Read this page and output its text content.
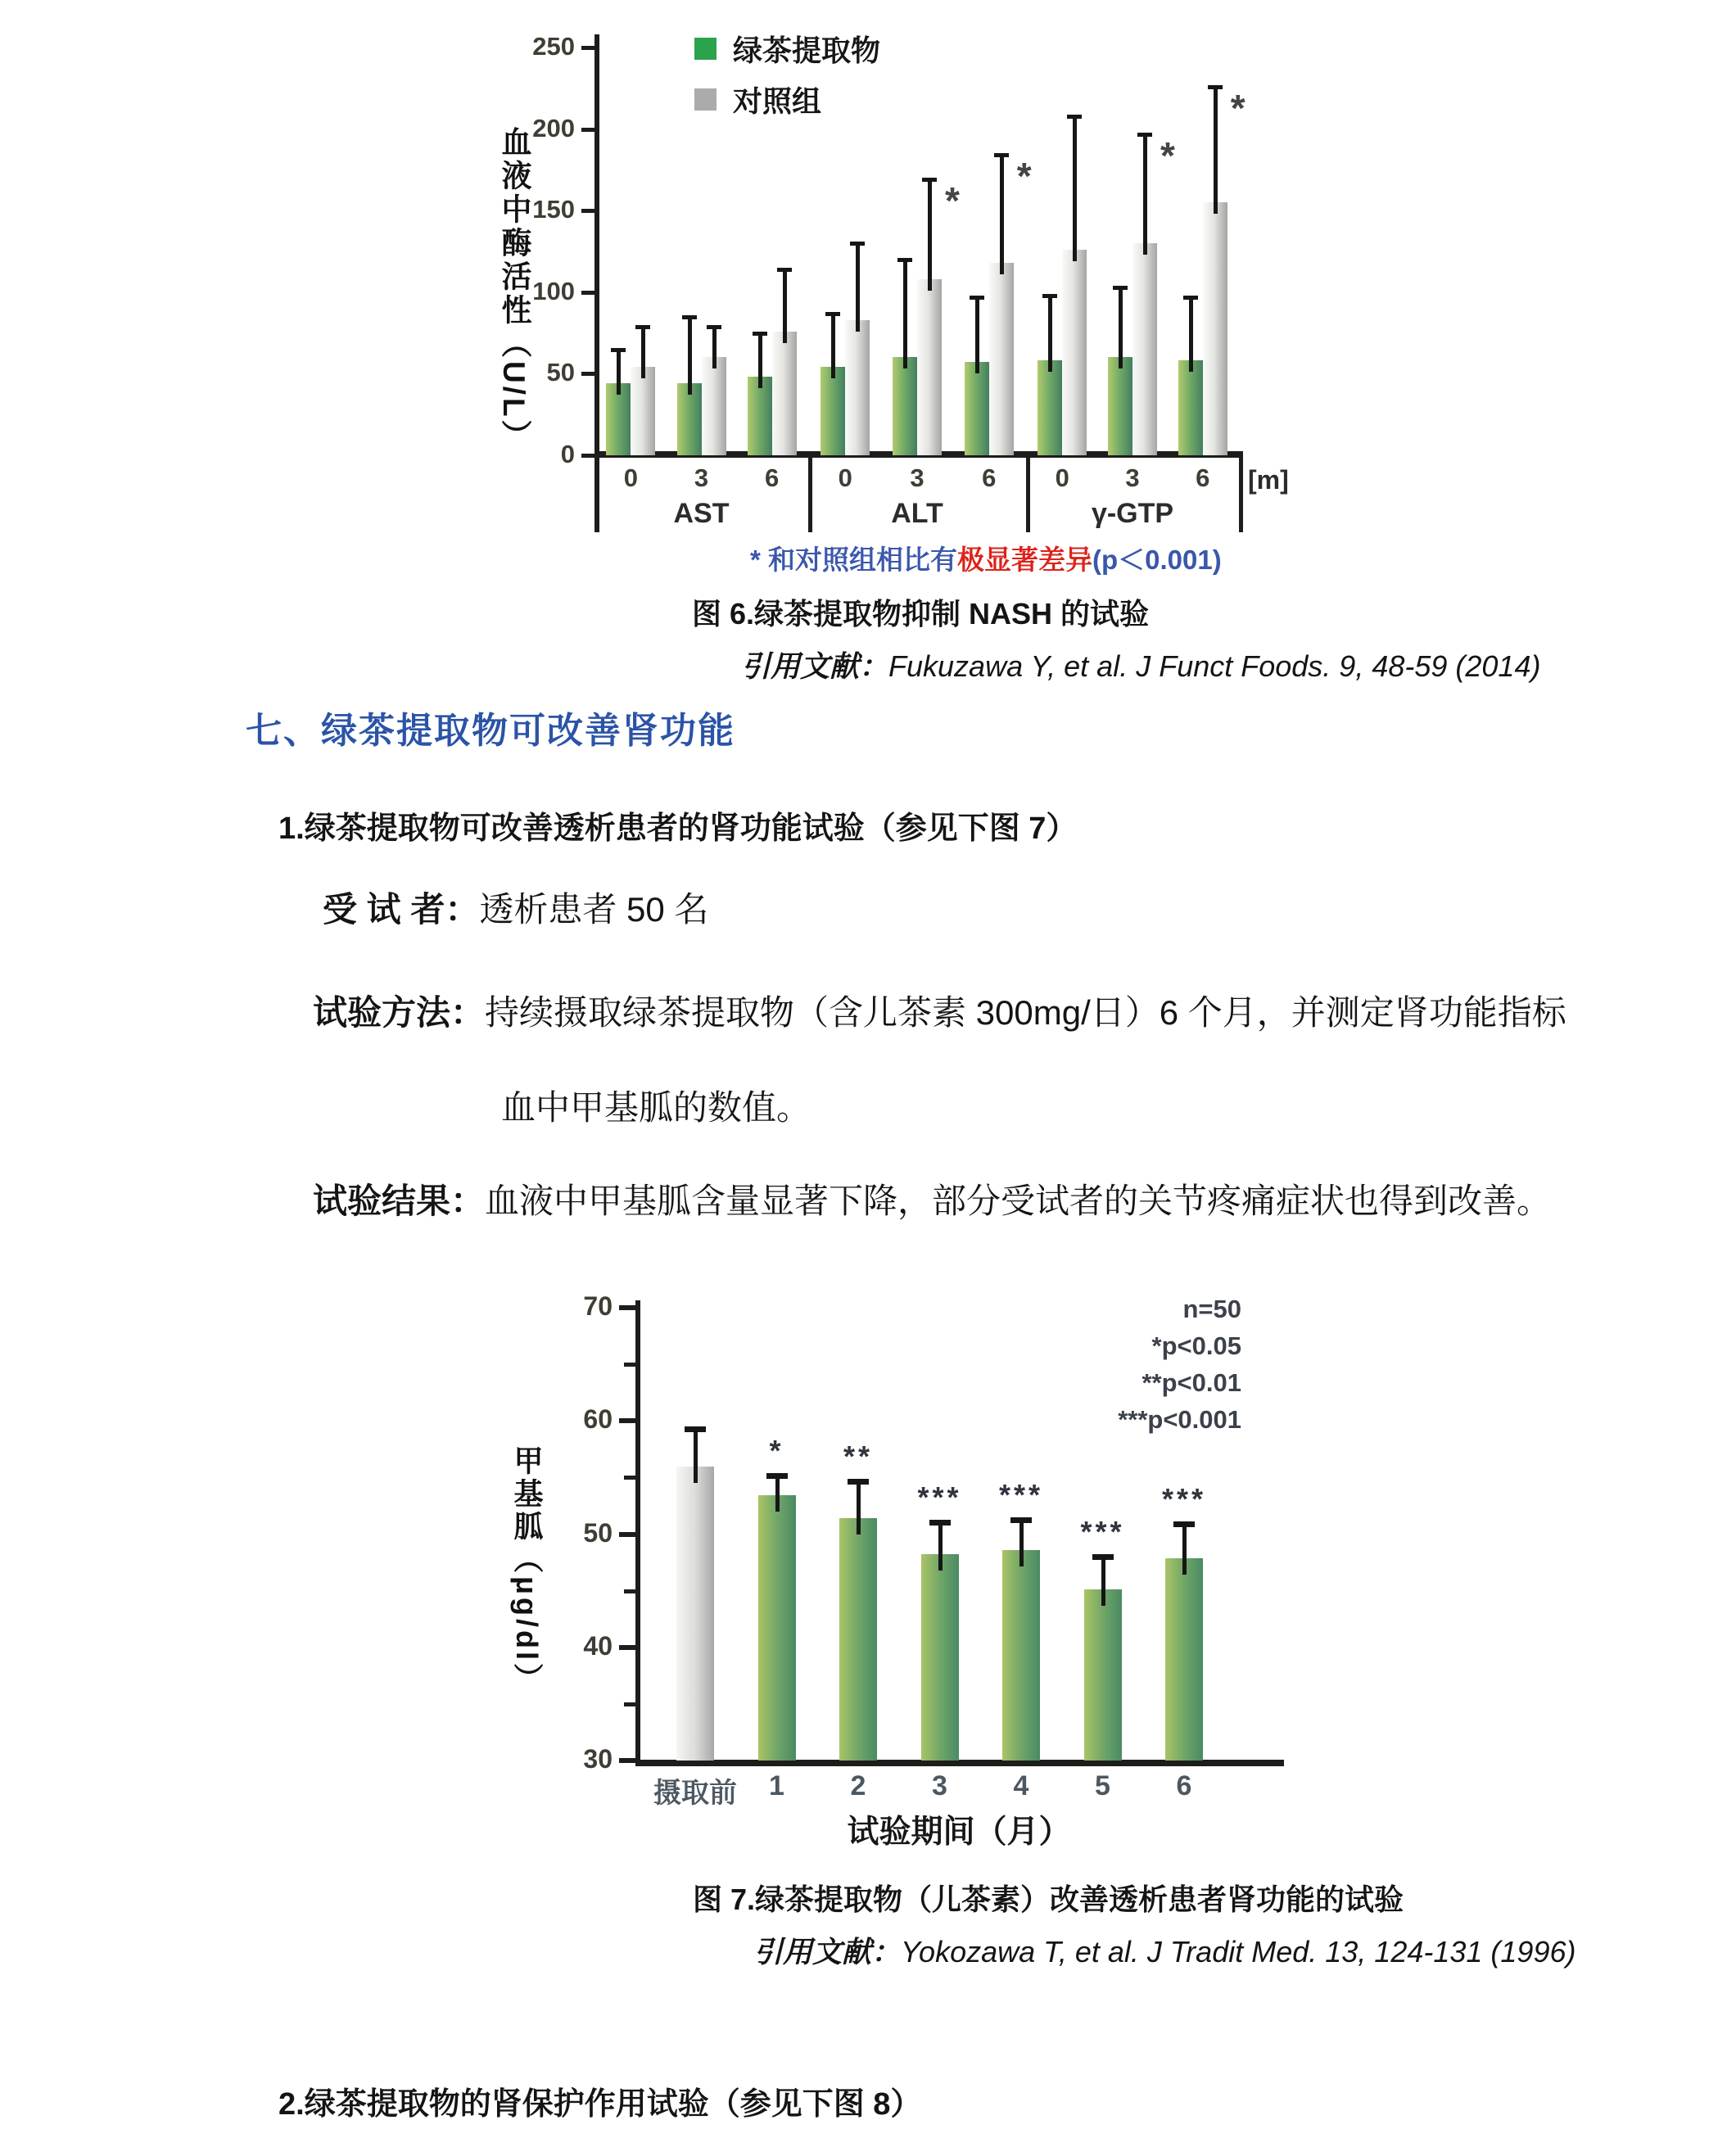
血液中酶活性（U/L）
绿茶提取物
对照组
[m]
0
50
100
150
200
250
0	3	6
AST
0
*
3
*
6
ALT
0
*
3
*
6
γ-GTP
* 和对照组相比有极显著差异(p＜0.001)
图 6.绿茶提取物抑制 NASH 的试验
引用文献：Fukuzawa Y, et al. J Funct Foods. 9, 48-59 (2014)
七、绿茶提取物可改善肾功能
1.绿茶提取物可改善透析患者的肾功能试验（参见下图 7）
受 试 者：透析患者 50 名
试验方法：持续摄取绿茶提取物（含儿茶素 300mg/日）6 个月，并测定肾功能指标
血中甲基胍的数值。
试验结果：血液中甲基胍含量显著下降，部分受试者的关节疼痛症状也得到改善。
甲基胍（μg/dl）
n=50
*p<0.05
**p<0.01
***p<0.001
试验期间（月）
30
40
50
60
70
摄取前
*
1
**
2
***
3
***
4
***
5
***
6
图 7.绿茶提取物（儿茶素）改善透析患者肾功能的试验
引用文献：Yokozawa T, et al. J Tradit Med. 13, 124-131 (1996)
2.绿茶提取物的肾保护作用试验（参见下图 8）
